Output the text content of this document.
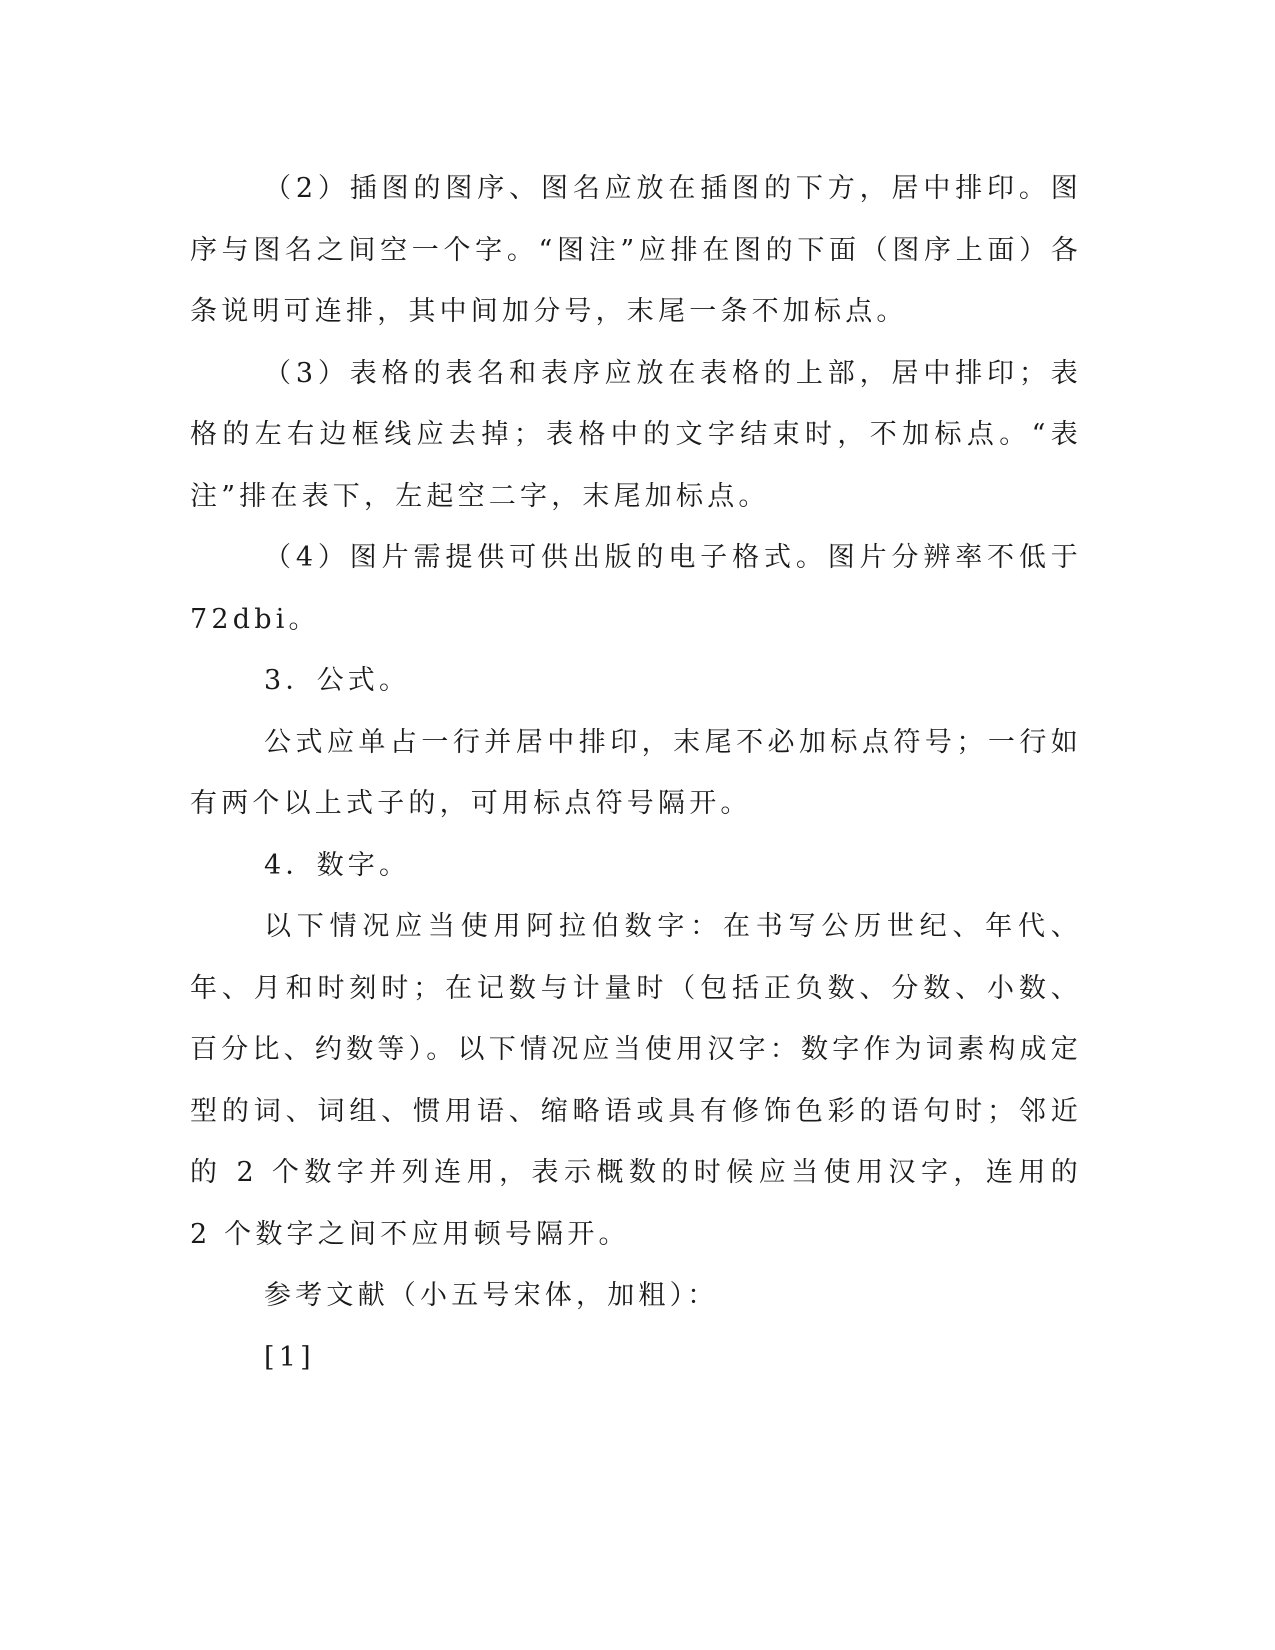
（2）插图的图序、图名应放在插图的下方，居中排印。图序与图名之间空一个字。“图注”应排在图的下面（图序上面）各条说明可连排，其中间加分号，末尾一条不加标点。

（3）表格的表名和表序应放在表格的上部，居中排印；表格的左右边框线应去掉；表格中的文字结束时，不加标点。“表注”排在表下，左起空二字，末尾加标点。

（4）图片需提供可供出版的电子格式。图片分辨率不低于 72dbi。

3．公式。

公式应单占一行并居中排印，末尾不必加标点符号；一行如有两个以上式子的，可用标点符号隔开。

4．数字。

以下情况应当使用阿拉伯数字：在书写公历世纪、年代、年、月和时刻时；在记数与计量时（包括正负数、分数、小数、百分比、约数等）。以下情况应当使用汉字：数字作为词素构成定型的词、词组、惯用语、缩略语或具有修饰色彩的语句时；邻近的 2 个数字并列连用，表示概数的时候应当使用汉字，连用的 2 个数字之间不应用顿号隔开。

参考文献（小五号宋体，加粗）：

[1]
